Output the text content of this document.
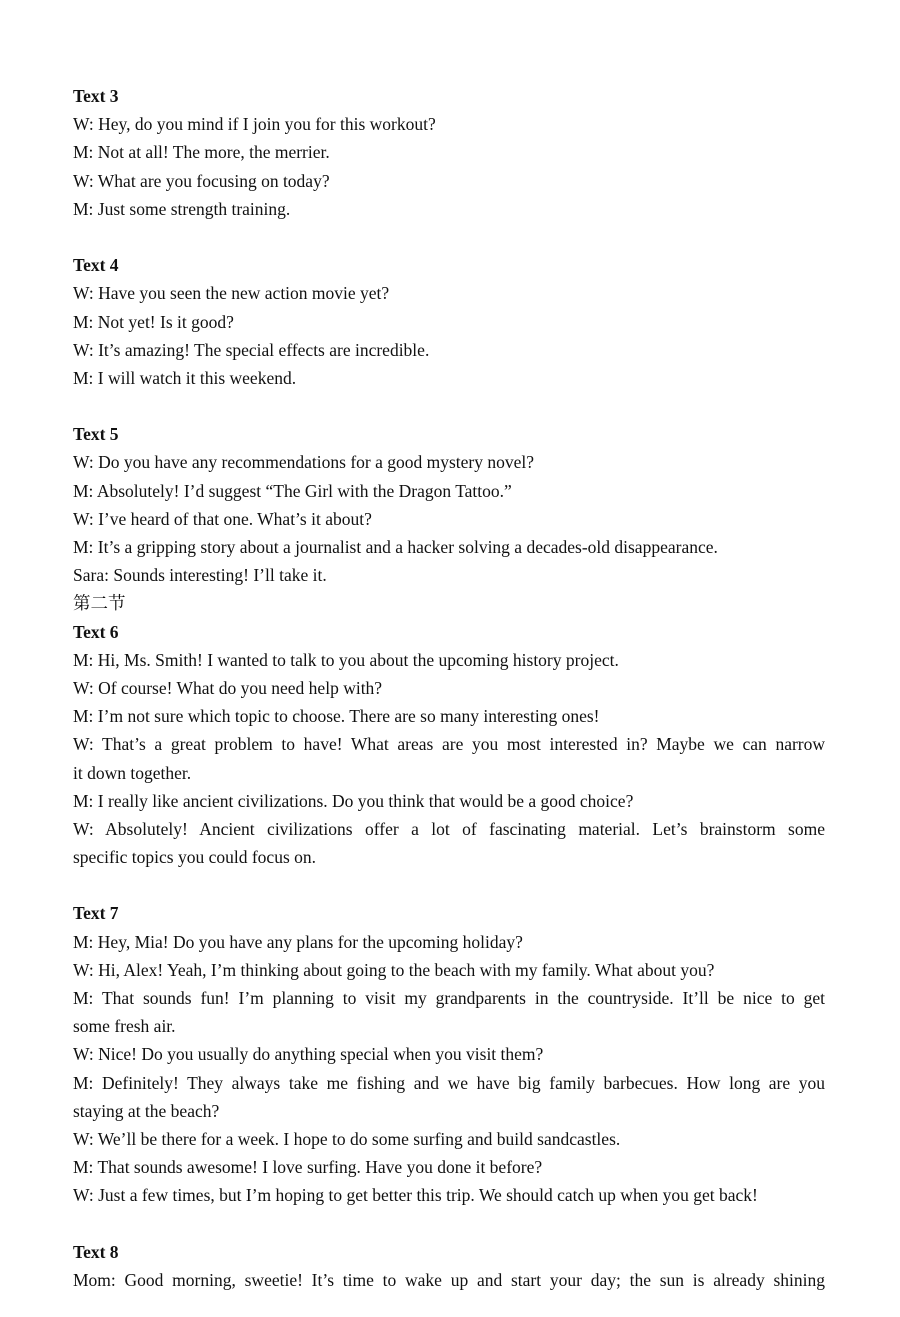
Text 3
W: Hey, do you mind if I join you for this workout?
M: Not at all! The more, the merrier.
W: What are you focusing on today?
M: Just some strength training.
Text 4
W: Have you seen the new action movie yet?
M: Not yet! Is it good?
W: It’s amazing! The special effects are incredible.
M: I will watch it this weekend.
Text 5
W: Do you have any recommendations for a good mystery novel?
M: Absolutely! I’d suggest “The Girl with the Dragon Tattoo.”
W: I’ve heard of that one. What’s it about?
M: It’s a gripping story about a journalist and a hacker solving a decades-old disappearance.
Sara: Sounds interesting! I’ll take it.
第二节
Text 6
M: Hi, Ms. Smith! I wanted to talk to you about the upcoming history project.
W: Of course! What do you need help with?
M: I’m not sure which topic to choose. There are so many interesting ones!
W: That’s a great problem to have! What areas are you most interested in? Maybe we can narrow
it down together.
M: I really like ancient civilizations. Do you think that would be a good choice?
W: Absolutely! Ancient civilizations offer a lot of fascinating material. Let’s brainstorm some
specific topics you could focus on.
Text 7
M: Hey, Mia! Do you have any plans for the upcoming holiday?
W: Hi, Alex! Yeah, I’m thinking about going to the beach with my family. What about you?
M: That sounds fun! I’m planning to visit my grandparents in the countryside. It’ll be nice to get
some fresh air.
W: Nice! Do you usually do anything special when you visit them?
M: Definitely! They always take me fishing and we have big family barbecues. How long are you
staying at the beach?
W: We’ll be there for a week. I hope to do some surfing and build sandcastles.
M: That sounds awesome! I love surfing. Have you done it before?
W: Just a few times, but I’m hoping to get better this trip. We should catch up when you get back!
Text 8
Mom: Good morning, sweetie! It’s time to wake up and start your day; the sun is already shining
